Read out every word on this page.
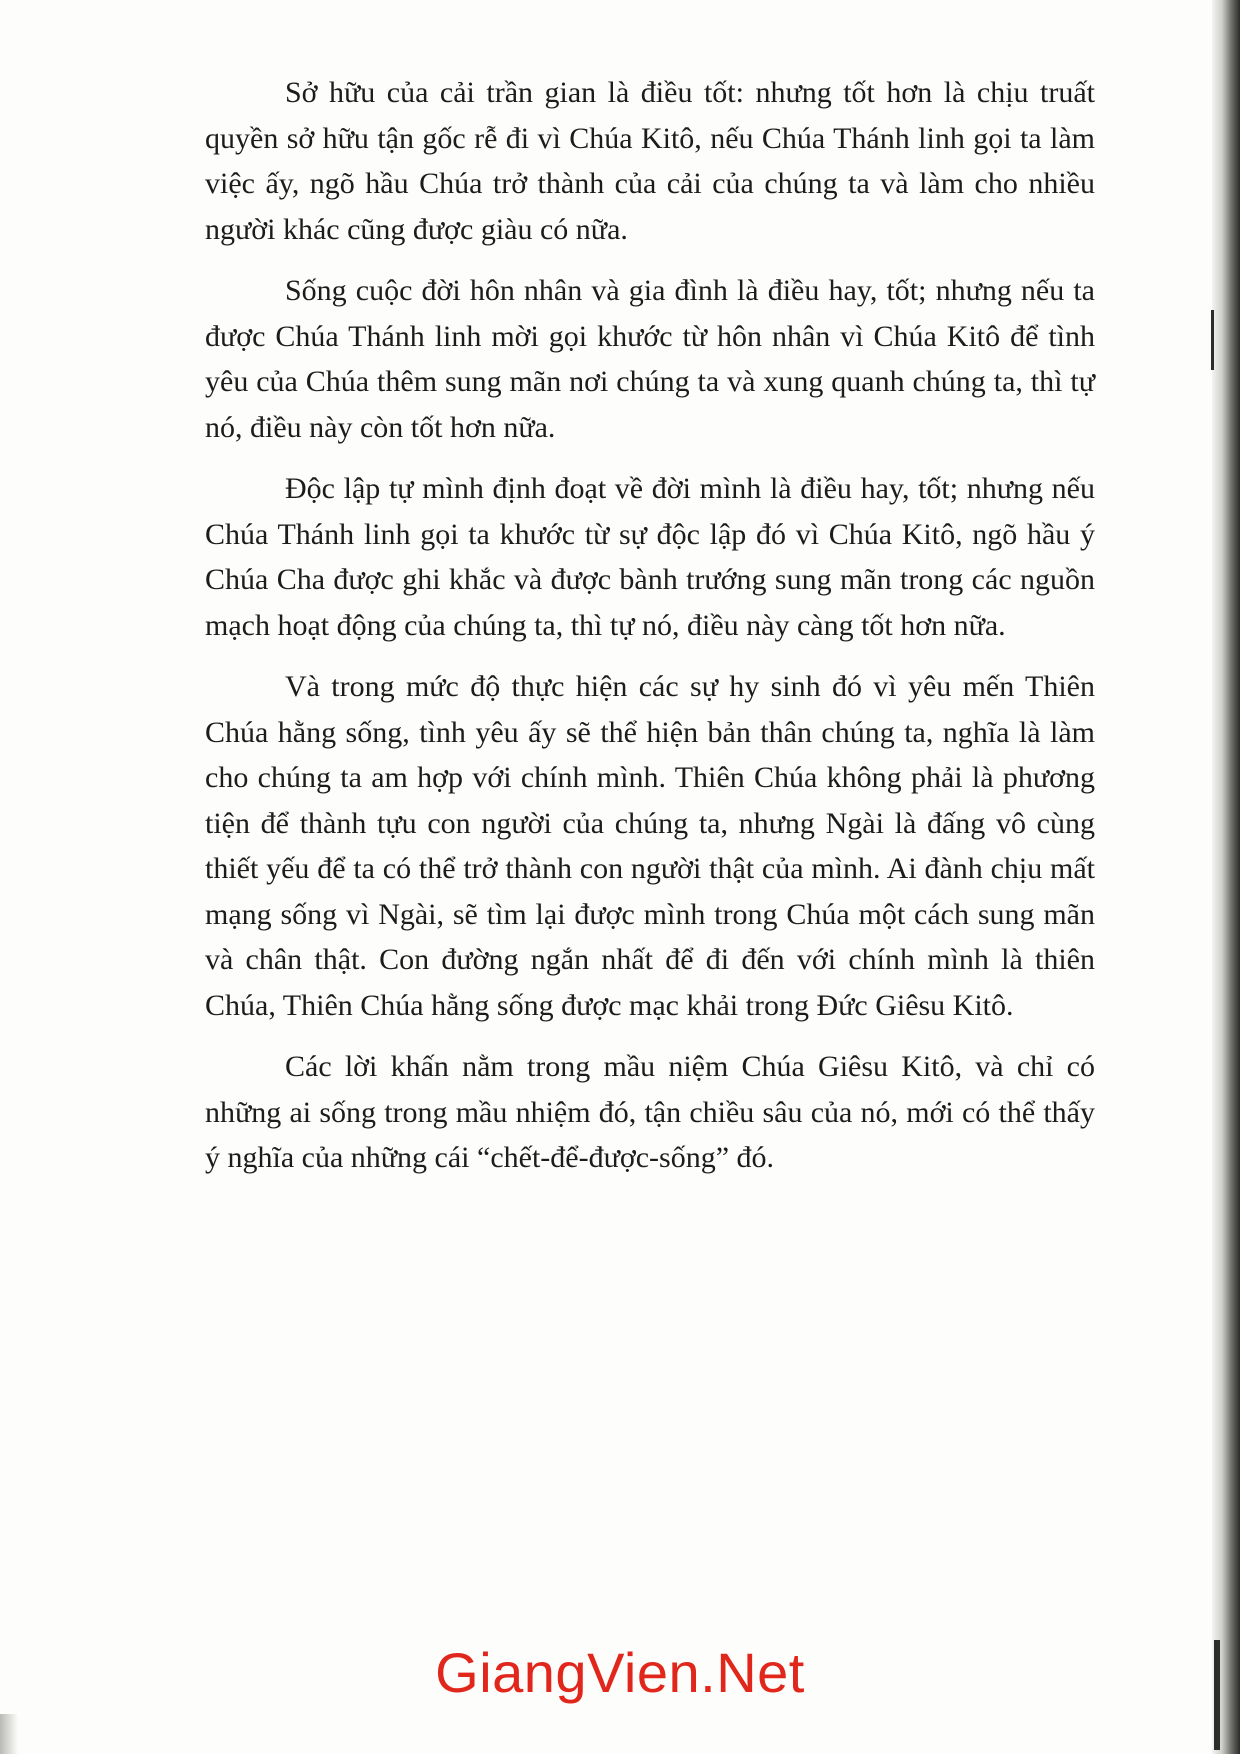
Sở hữu của cải trần gian là điều tốt: nhưng tốt hơn là chịu truất quyền sở hữu tận gốc rễ đi vì Chúa Kitô, nếu Chúa Thánh linh gọi ta làm việc ấy, ngõ hầu Chúa trở thành của cải của chúng ta và làm cho nhiều người khác cũng được giàu có nữa.

Sống cuộc đời hôn nhân và gia đình là điều hay, tốt; nhưng nếu ta được Chúa Thánh linh mời gọi khước từ hôn nhân vì Chúa Kitô để tình yêu của Chúa thêm sung mãn nơi chúng ta và xung quanh chúng ta, thì tự nó, điều này còn tốt hơn nữa.

Độc lập tự mình định đoạt về đời mình là điều hay, tốt; nhưng nếu Chúa Thánh linh gọi ta khước từ sự độc lập đó vì Chúa Kitô, ngõ hầu ý Chúa Cha được ghi khắc và được bành trướng sung mãn trong các nguồn mạch hoạt động của chúng ta, thì tự nó, điều này càng tốt hơn nữa.

Và trong mức độ thực hiện các sự hy sinh đó vì yêu mến Thiên Chúa hằng sống, tình yêu ấy sẽ thể hiện bản thân chúng ta, nghĩa là làm cho chúng ta am hợp với chính mình. Thiên Chúa không phải là phương tiện để thành tựu con người của chúng ta, nhưng Ngài là đấng vô cùng thiết yếu để ta có thể trở thành con người thật của mình. Ai đành chịu mất mạng sống vì Ngài, sẽ tìm lại được mình trong Chúa một cách sung mãn và chân thật. Con đường ngắn nhất để đi đến với chính mình là thiên Chúa, Thiên Chúa hằng sống được mạc khải trong Đức Giêsu Kitô.

Các lời khấn nằm trong mầu niệm Chúa Giêsu Kitô, và chỉ có những ai sống trong mầu nhiệm đó, tận chiều sâu của nó, mới có thể thấy ý nghĩa của những cái “chết-để-được-sống” đó.

GiangVien.Net
